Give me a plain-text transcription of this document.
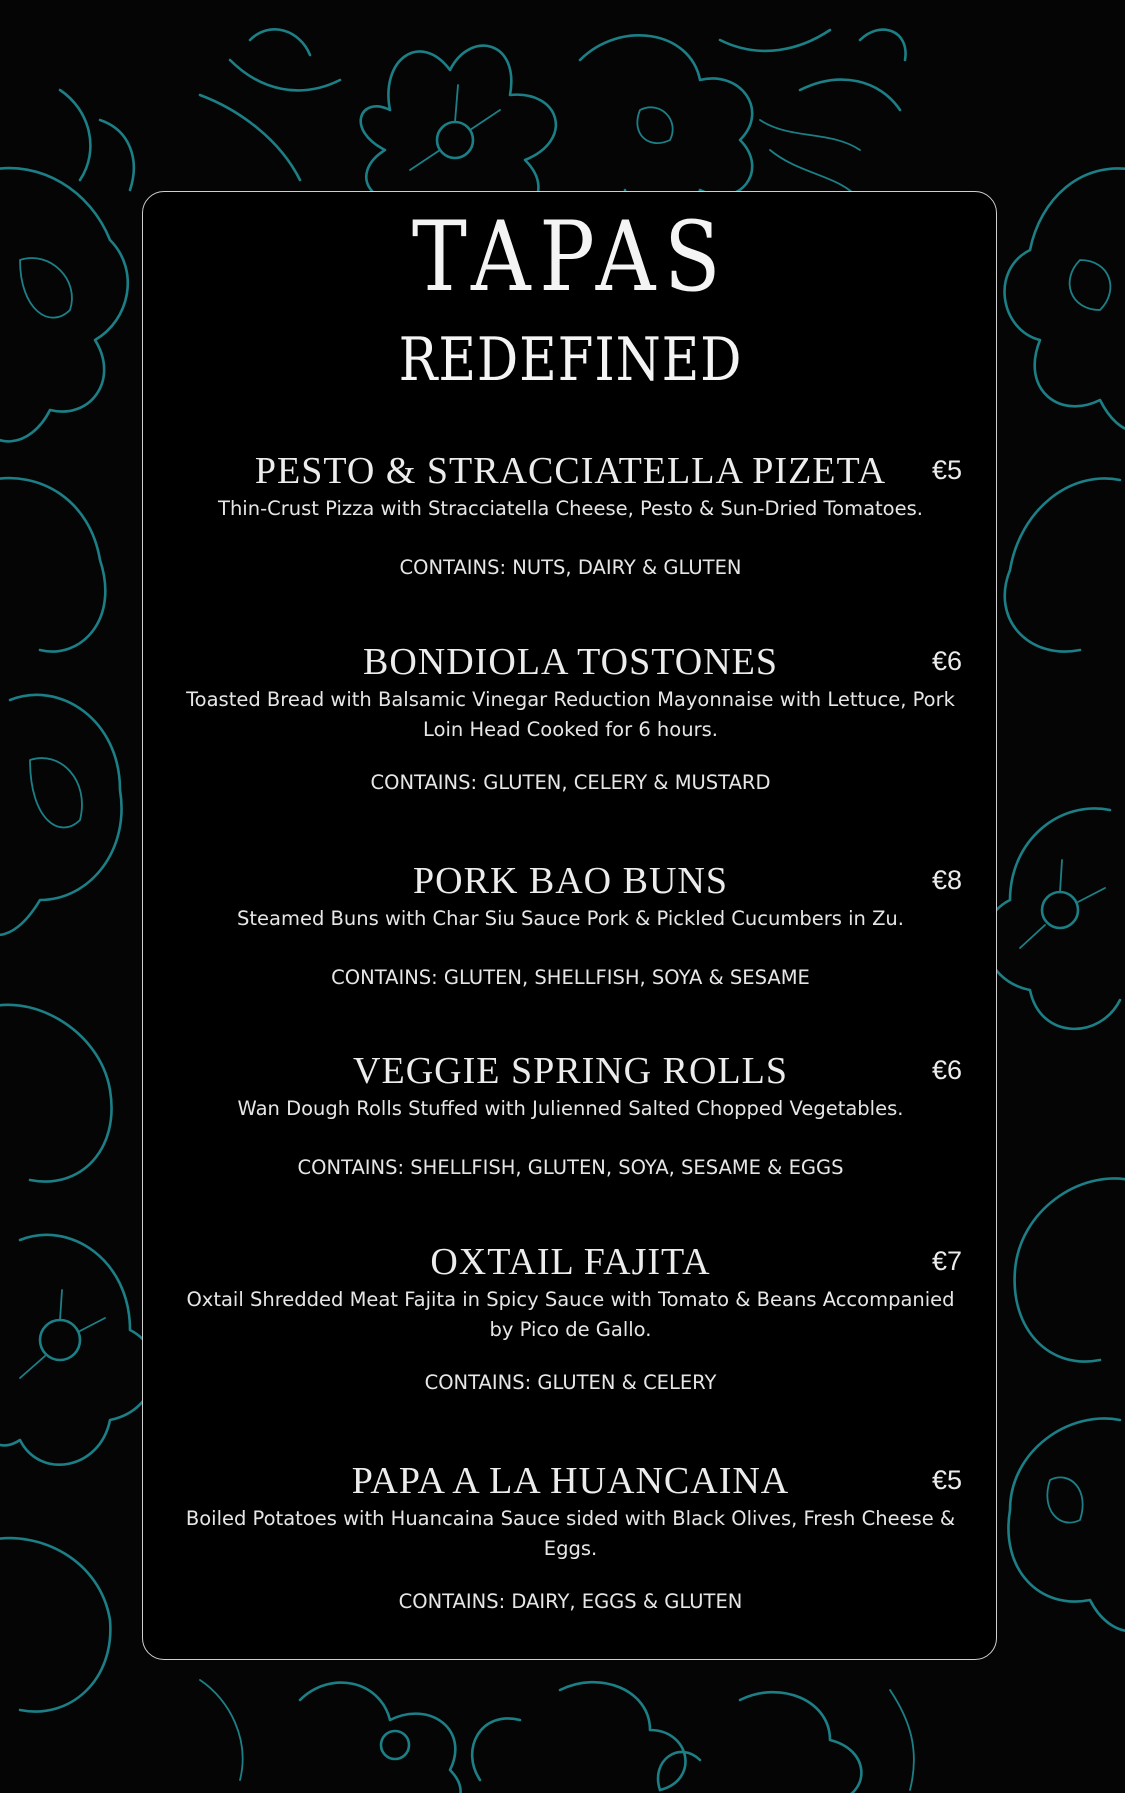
TAPAS
REDEFINED
PESTO & STRACCIATELLA PIZETA	€5
Thin-Crust Pizza with Stracciatella Cheese, Pesto & Sun-Dried Tomatoes.
CONTAINS: NUTS, DAIRY & GLUTEN
BONDIOLA TOSTONES	€6
Toasted Bread with Balsamic Vinegar Reduction Mayonnaise with Lettuce, Pork Loin Head Cooked for 6 hours.
CONTAINS: GLUTEN, CELERY & MUSTARD
PORK BAO BUNS	€8
Steamed Buns with Char Siu Sauce Pork & Pickled Cucumbers in Zu.
CONTAINS: GLUTEN, SHELLFISH, SOYA & SESAME
VEGGIE SPRING ROLLS	€6
Wan Dough Rolls Stuffed with Julienned Salted Chopped Vegetables.
CONTAINS: SHELLFISH, GLUTEN, SOYA, SESAME & EGGS
OXTAIL FAJITA	€7
Oxtail Shredded Meat Fajita in Spicy Sauce with Tomato & Beans Accompanied by Pico de Gallo.
CONTAINS: GLUTEN & CELERY
PAPA A LA HUANCAINA	€5
Boiled Potatoes with Huancaina Sauce sided with Black Olives, Fresh Cheese & Eggs.
CONTAINS: DAIRY, EGGS & GLUTEN
